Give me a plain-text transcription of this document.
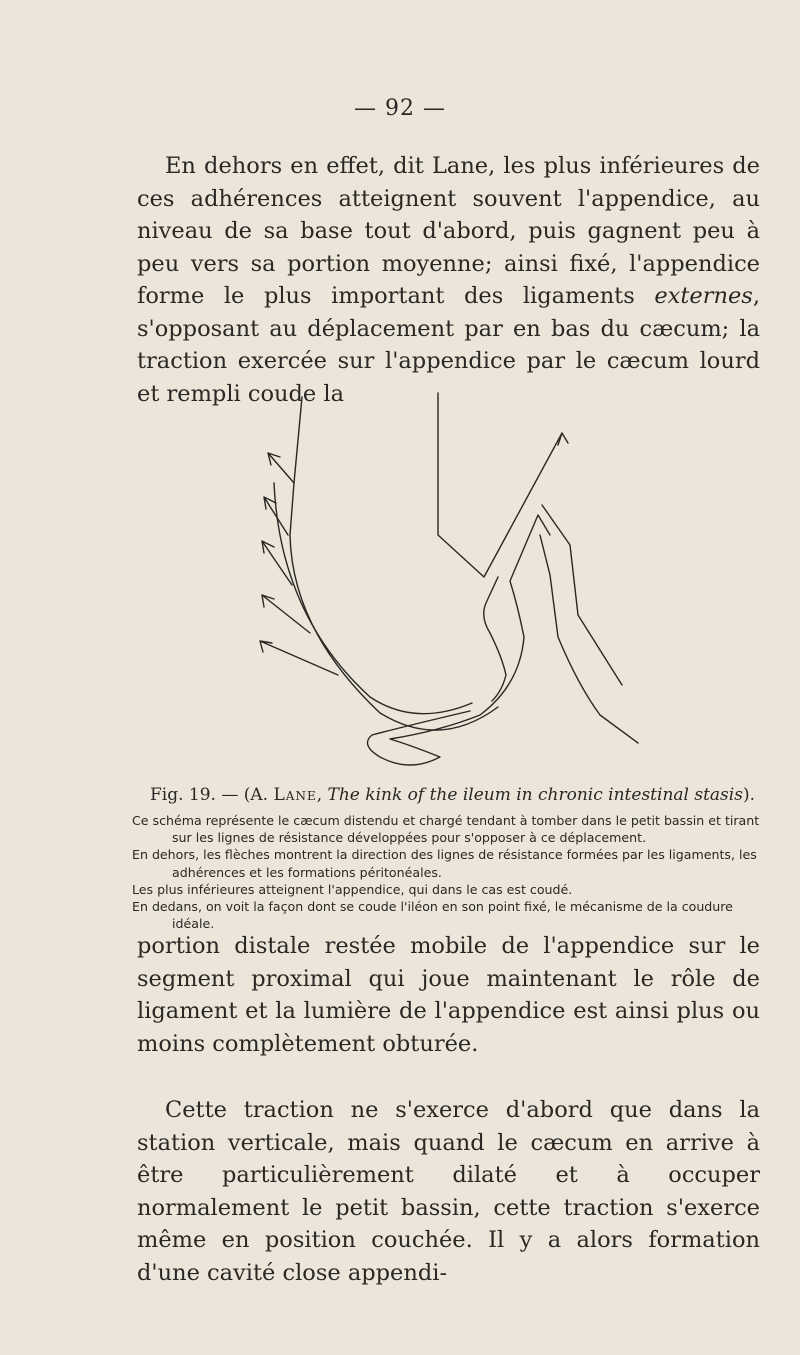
— 92 —

En dehors en effet, dit Lane, les plus inférieures de ces adhérences atteignent souvent l'appendice, au niveau de sa base tout d'abord, puis gagnent peu à peu vers sa portion moyenne; ainsi fixé, l'appendice forme le plus important des ligaments externes, s'opposant au déplacement par en bas du cæcum; la traction exercée sur l'appendice par le cæcum lourd et rempli coude la

Fig. 19. — (A. Lane, The kink of the ileum in chronic intestinal stasis).

Ce schéma représente le cæcum distendu et chargé tendant à tomber dans le petit bassin et tirant sur les lignes de résistance développées pour s'opposer à ce déplacement.
En dehors, les flèches montrent la direction des lignes de résistance formées par les ligaments, les adhérences et les formations péritonéales.
Les plus inférieures atteignent l'appendice, qui dans le cas est coudé.
En dedans, on voit la façon dont se coude l'iléon en son point fixé, le mécanisme de la coudure idéale.

portion distale restée mobile de l'appendice sur le segment proximal qui joue maintenant le rôle de ligament et la lumière de l'appendice est ainsi plus ou moins complètement obturée.

Cette traction ne s'exerce d'abord que dans la station verticale, mais quand le cæcum en arrive à être particulièrement dilaté et à occuper normalement le petit bassin, cette traction s'exerce même en position couchée. Il y a alors formation d'une cavité close appendi-
